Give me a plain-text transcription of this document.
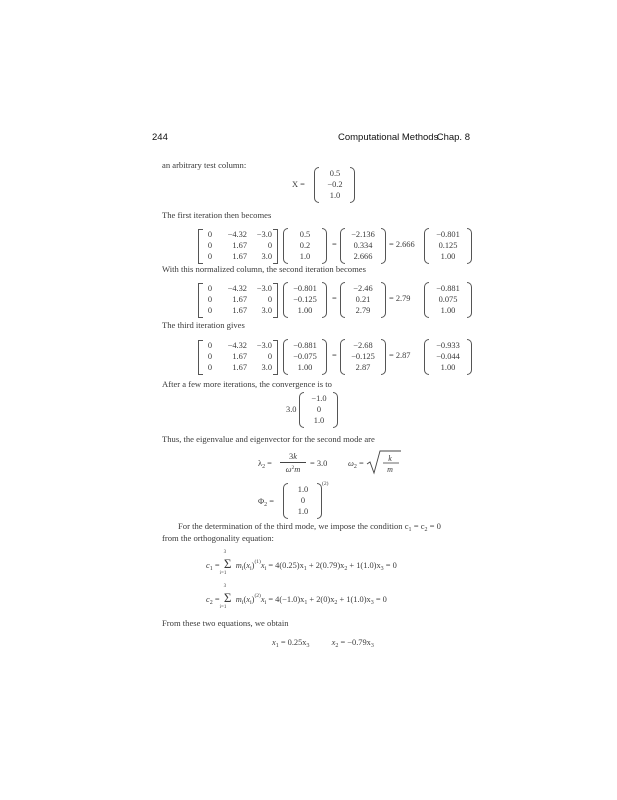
244	Computational Methods
Chap. 8
an arbitrary test column:
X =
0.5
−0.2
1.0
The first iteration then becomes
0 −4.32 −3.0
0 1.67 0
0 1.67 3.0
0.5
0.2
1.0
=
−2.136
0.334
2.666
= 2.666
−0.801
0.125
1.00
With this normalized column, the second iteration becomes
0 −4.32 −3.0
0 1.67 0
0 1.67 3.0
−0.801
−0.125
1.00
=
−2.46
0.21
2.79
= 2.79
−0.881
0.075
1.00
The third iteration gives
0 −4.32 −3.0
0 1.67 0
0 1.67 3.0
−0.881
−0.075
1.00
=
−2.68
−0.125
2.87
= 2.87
−0.933
−0.044
1.00
After a few more iterations, the convergence is to
3.0
−1.0
0
1.0
Thus, the eigenvalue and eigenvector for the second mode are
$\lambda_2 = \frac{3k}{\omega^2m} = 3.0$ $\omega_2$ =
k
m
$\Phi_2$ =
1.0
0
1.0
(2)
For the determination of the third mode, we impose the condition $c_1 = c_2 = 0$
from the orthogonality equation:
$c_1$ =
3
Σ
i=1
$m_i(x_i)^{(1)}x_i = 4(0.25)x_1 + 2(0.79)x_2 + 1(1.0)x_3 = 0$
$c_2$ =
3
Σ
i=1
$m_i(x_i)^{(2)}x_i = 4(-1.0)x_1 + 2(0)x_2 + 1(1.0)x_3 = 0$
From these two equations, we obtain
$x_1 = 0.25x_3$	$x_2 = -0.79x_3$
